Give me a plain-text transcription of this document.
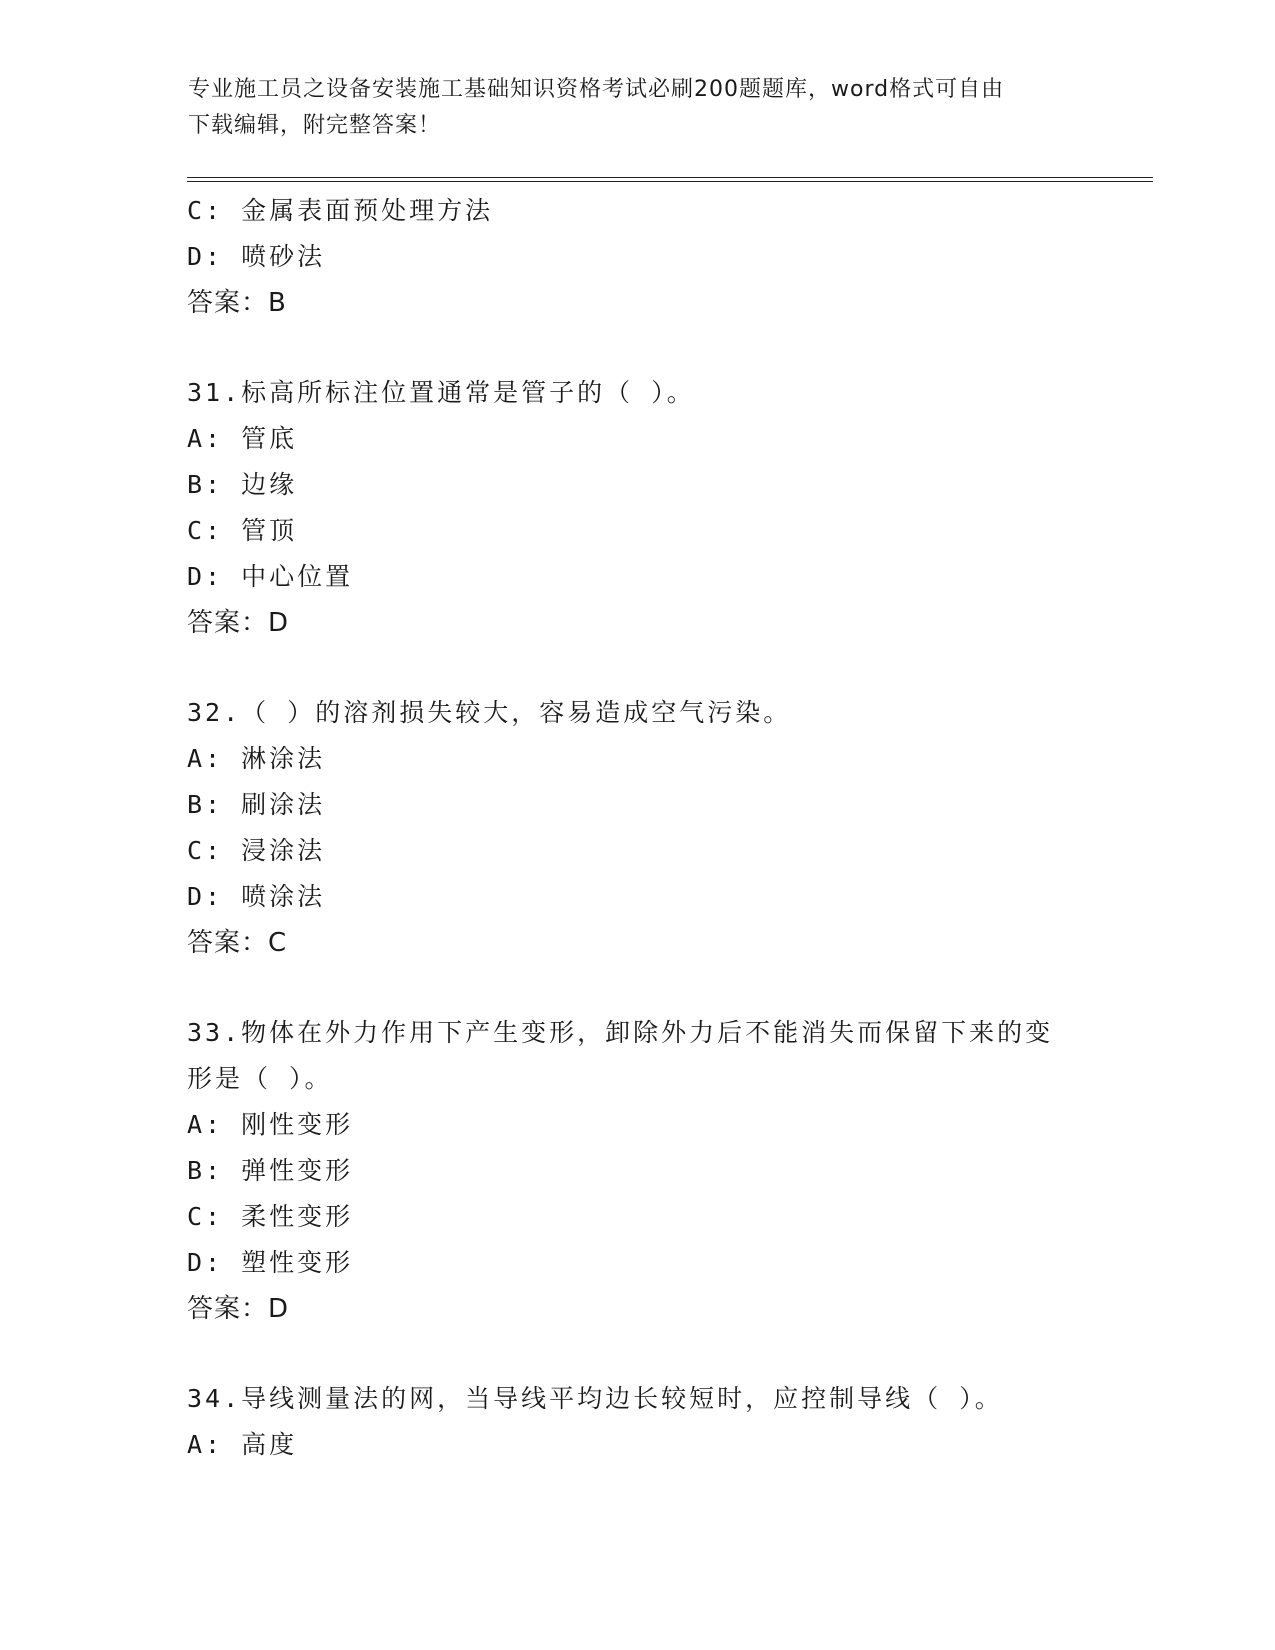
专业施工员之设备安装施工基础知识资格考试必刷200题题库，word格式可自由
下载编辑，附完整答案！
C: 金属表面预处理方法
D: 喷砂法
答案：B
31.标高所标注位置通常是管子的（ ）。
A: 管底
B: 边缘
C: 管顶
D: 中心位置
答案：D
32.（ ）的溶剂损失较大，容易造成空气污染。
A: 淋涂法
B: 刷涂法
C: 浸涂法
D: 喷涂法
答案：C
33.物体在外力作用下产生变形，卸除外力后不能消失而保留下来的变
形是（ ）。
A: 刚性变形
B: 弹性变形
C: 柔性变形
D: 塑性变形
答案：D
34.导线测量法的网，当导线平均边长较短时，应控制导线（ ）。
A: 高度
